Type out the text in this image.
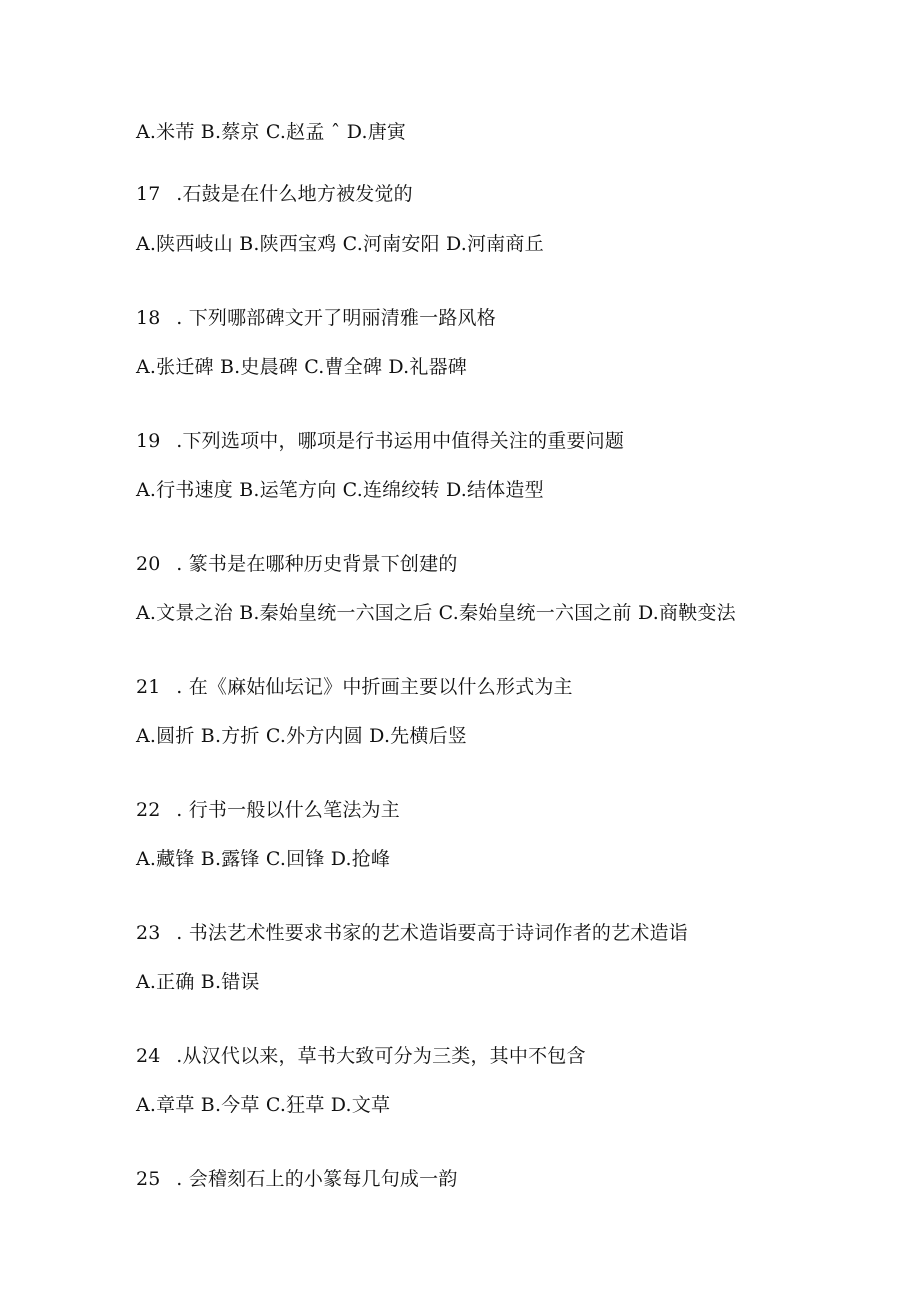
A.米芾 B.蔡京 C.赵孟 ˆ D.唐寅
17 .石鼓是在什么地方被发觉的
A.陕西岐山 B.陕西宝鸡 C.河南安阳 D.河南商丘
18 . 下列哪部碑文开了明丽清雅一路风格
A.张迁碑 B.史晨碑 C.曹全碑 D.礼器碑
19 .下列选项中，哪项是行书运用中值得关注的重要问题
A.行书速度 B.运笔方向 C.连绵绞转 D.结体造型
20 . 篆书是在哪种历史背景下创建的
A.文景之治 B.秦始皇统一六国之后 C.秦始皇统一六国之前 D.商鞅变法
21 . 在《麻姑仙坛记》中折画主要以什么形式为主
A.圆折 B.方折 C.外方内圆 D.先横后竖
22 . 行书一般以什么笔法为主
A.藏锋 B.露锋 C.回锋 D.抢峰
23 . 书法艺术性要求书家的艺术造诣要高于诗词作者的艺术造诣
A.正确 B.错误
24 .从汉代以来，草书大致可分为三类，其中不包含
A.章草 B.今草 C.狂草 D.文草
25 . 会稽刻石上的小篆每几句成一韵
